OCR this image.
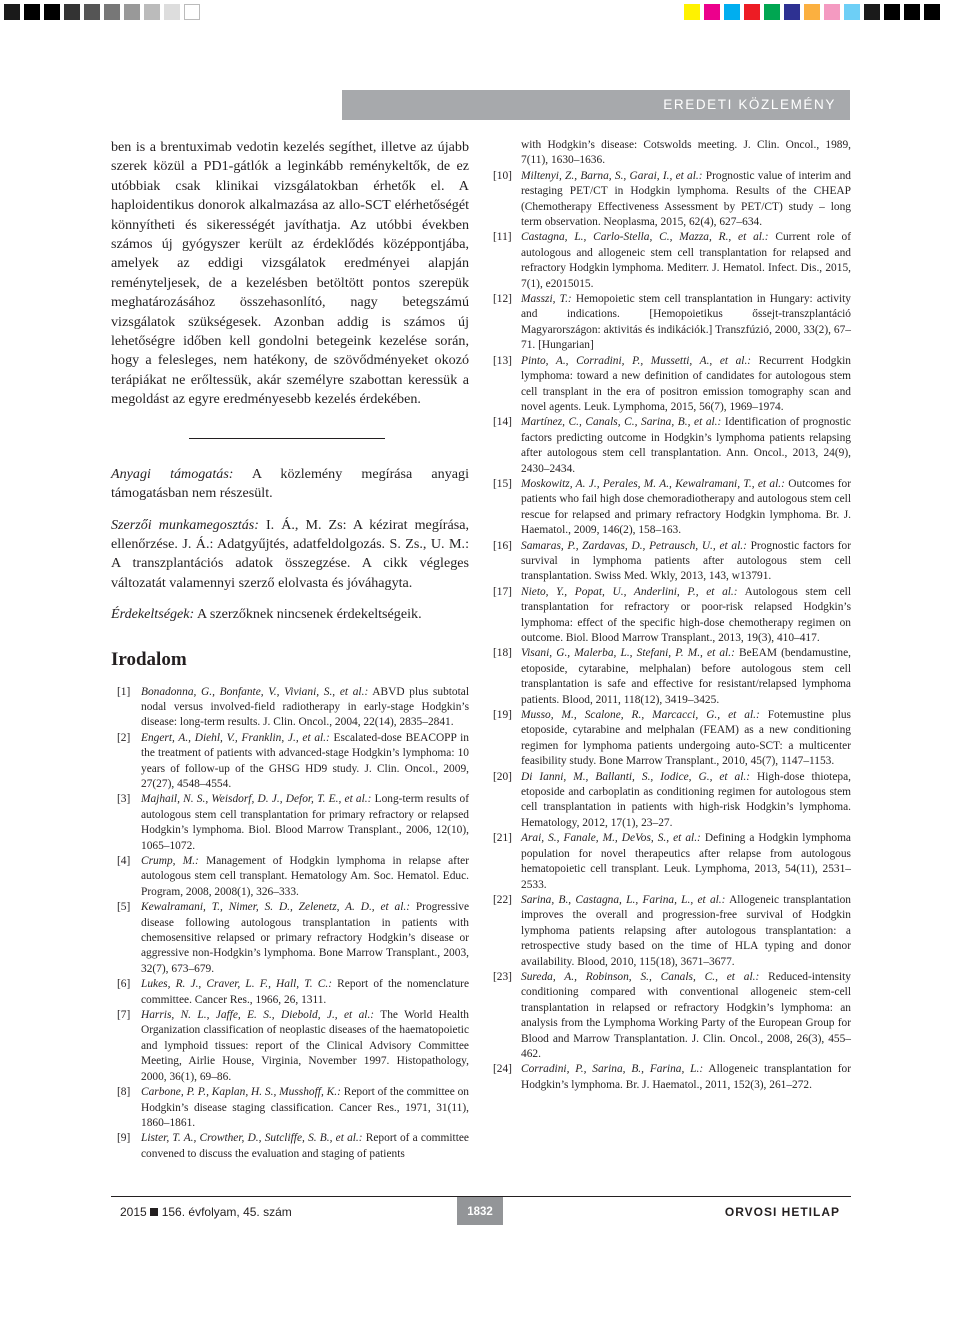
EREDETI KÖZLEMÉNY

ben is a brentuximab vedotin kezelés segíthet, illetve az újabb szerek közül a PD1-gátlók a leginkább reménykeltők, de ez utóbbiak csak klinikai vizsgálatokban érhetők el. A haploidentikus donorok alkalmazása az allo-SCT elérhetőségét könnyítheti és sikerességét javíthatja. Az utóbbi években számos új gyógyszer került az érdeklődés középpontjába, amelyek az eddigi vizsgálatok eredményei alapján reményteljesek, de a kezelésben betöltött pontos szerepük meghatározásához összehasonlító, nagy betegszámú vizsgálatok szükségesek. Azonban addig is számos új lehetőségre időben kell gondolni betegeink kezelése során, hogy a felesleges, nem hatékony, de szövődményeket okozó terápiákat ne erőltessük, akár személyre szabottan keressük a megoldást az egyre eredményesebb kezelés érdekében.

Anyagi támogatás: A közlemény megírása anyagi támogatásban nem részesült.

Szerzői munkamegosztás: I. Á., M. Zs: A kézirat megírása, ellenőrzése. J. Á.: Adatgyűjtés, adatfeldolgozás. S. Zs., U. M.: A transzplantációs adatok összegzése. A cikk végleges változatát valamennyi szerző elolvasta és jóváhagyta.

Érdekeltségek: A szerzőknek nincsenek érdekeltségeik.

Irodalom
[1] Bonadonna, G., Bonfante, V., Viviani, S., et al.: ABVD plus subtotal nodal versus involved-field radiotherapy in early-stage Hodgkin’s disease: long-term results. J. Clin. Oncol., 2004, 22(14), 2835–2841.
[2] Engert, A., Diehl, V., Franklin, J., et al.: Escalated-dose BEACOPP in the treatment of patients with advanced-stage Hodgkin’s lymphoma: 10 years of follow-up of the GHSG HD9 study. J. Clin. Oncol., 2009, 27(27), 4548–4554.
[3] Majhail, N. S., Weisdorf, D. J., Defor, T. E., et al.: Long-term results of autologous stem cell transplantation for primary refractory or relapsed Hodgkin’s lymphoma. Biol. Blood Marrow Transplant., 2006, 12(10), 1065–1072.
[4] Crump, M.: Management of Hodgkin lymphoma in relapse after autologous stem cell transplant. Hematology Am. Soc. Hematol. Educ. Program, 2008, 2008(1), 326–333.
[5] Kewalramani, T., Nimer, S. D., Zelenetz, A. D., et al.: Progressive disease following autologous transplantation in patients with chemosensitive relapsed or primary refractory Hodgkin’s disease or aggressive non-Hodgkin’s lymphoma. Bone Marrow Transplant., 2003, 32(7), 673–679.
[6] Lukes, R. J., Craver, L. F., Hall, T. C.: Report of the nomenclature committee. Cancer Res., 1966, 26, 1311.
[7] Harris, N. L., Jaffe, E. S., Diebold, J., et al.: The World Health Organization classification of neoplastic diseases of the haematopoietic and lymphoid tissues: report of the Clinical Advisory Committee Meeting, Airlie House, Virginia, November 1997. Histopathology, 2000, 36(1), 69–86.
[8] Carbone, P. P., Kaplan, H. S., Musshoff, K.: Report of the committee on Hodgkin’s disease staging classification. Cancer Res., 1971, 31(11), 1860–1861.
[9] Lister, T. A., Crowther, D., Sutcliffe, S. B., et al.: Report of a committee convened to discuss the evaluation and staging of patients
with Hodgkin’s disease: Cotswolds meeting. J. Clin. Oncol., 1989, 7(11), 1630–1636.
[10] Miltenyi, Z., Barna, S., Garai, I., et al.: Prognostic value of interim and restaging PET/CT in Hodgkin lymphoma. Results of the CHEAP (Chemotherapy Effectiveness Assessment by PET/CT) study – long term observation. Neoplasma, 2015, 62(4), 627–634.
[11] Castagna, L., Carlo-Stella, C., Mazza, R., et al.: Current role of autologous and allogeneic stem cell transplantation for relapsed and refractory Hodgkin lymphoma. Mediterr. J. Hematol. Infect. Dis., 2015, 7(1), e2015015.
[12] Masszi, T.: Hemopoietic stem cell transplantation in Hungary: activity and indications. [Hemopoietikus őssejt-transzplantáció Magyarországon: aktivitás és indikációk.] Transzfúzió, 2000, 33(2), 67–71. [Hungarian]
[13] Pinto, A., Corradini, P., Mussetti, A., et al.: Recurrent Hodgkin lymphoma: toward a new definition of candidates for autologous stem cell transplant in the era of positron emission tomography scan and novel agents. Leuk. Lymphoma, 2015, 56(7), 1969–1974.
[14] Martínez, C., Canals, C., Sarina, B., et al.: Identification of prognostic factors predicting outcome in Hodgkin’s lymphoma patients relapsing after autologous stem cell transplantation. Ann. Oncol., 2013, 24(9), 2430–2434.
[15] Moskowitz, A. J., Perales, M. A., Kewalramani, T., et al.: Outcomes for patients who fail high dose chemoradiotherapy and autologous stem cell rescue for relapsed and primary refractory Hodgkin lymphoma. Br. J. Haematol., 2009, 146(2), 158–163.
[16] Samaras, P., Zardavas, D., Petrausch, U., et al.: Prognostic factors for survival in lymphoma patients after autologous stem cell transplantation. Swiss Med. Wkly, 2013, 143, w13791.
[17] Nieto, Y., Popat, U., Anderlini, P., et al.: Autologous stem cell transplantation for refractory or poor-risk relapsed Hodgkin’s lymphoma: effect of the specific high-dose chemotherapy regimen on outcome. Biol. Blood Marrow Transplant., 2013, 19(3), 410–417.
[18] Visani, G., Malerba, L., Stefani, P. M., et al.: BeEAM (bendamustine, etoposide, cytarabine, melphalan) before autologous stem cell transplantation is safe and effective for resistant/relapsed lymphoma patients. Blood, 2011, 118(12), 3419–3425.
[19] Musso, M., Scalone, R., Marcacci, G., et al.: Fotemustine plus etoposide, cytarabine and melphalan (FEAM) as a new conditioning regimen for lymphoma patients undergoing auto-SCT: a multicenter feasibility study. Bone Marrow Transplant., 2010, 45(7), 1147–1153.
[20] Di Ianni, M., Ballanti, S., Iodice, G., et al.: High-dose thiotepa, etoposide and carboplatin as conditioning regimen for autologous stem cell transplantation in patients with high-risk Hodgkin’s lymphoma. Hematology, 2012, 17(1), 23–27.
[21] Arai, S., Fanale, M., DeVos, S., et al.: Defining a Hodgkin lymphoma population for novel therapeutics after relapse from autologous hematopoietic cell transplant. Leuk. Lymphoma, 2013, 54(11), 2531–2533.
[22] Sarina, B., Castagna, L., Farina, L., et al.: Allogeneic transplantation improves the overall and progression-free survival of Hodgkin lymphoma patients relapsing after autologous transplantation: a retrospective study based on the time of HLA typing and donor availability. Blood, 2010, 115(18), 3671–3677.
[23] Sureda, A., Robinson, S., Canals, C., et al.: Reduced-intensity conditioning compared with conventional allogeneic stem-cell transplantation in relapsed or refractory Hodgkin’s lymphoma: an analysis from the Lymphoma Working Party of the European Group for Blood and Marrow Transplantation. J. Clin. Oncol., 2008, 26(3), 455–462.
[24] Corradini, P., Sarina, B., Farina, L.: Allogeneic transplantation for Hodgkin’s lymphoma. Br. J. Haematol., 2011, 152(3), 261–272.
2015 156. évfolyam, 45. szám	1832	ORVOSI HETILAP
